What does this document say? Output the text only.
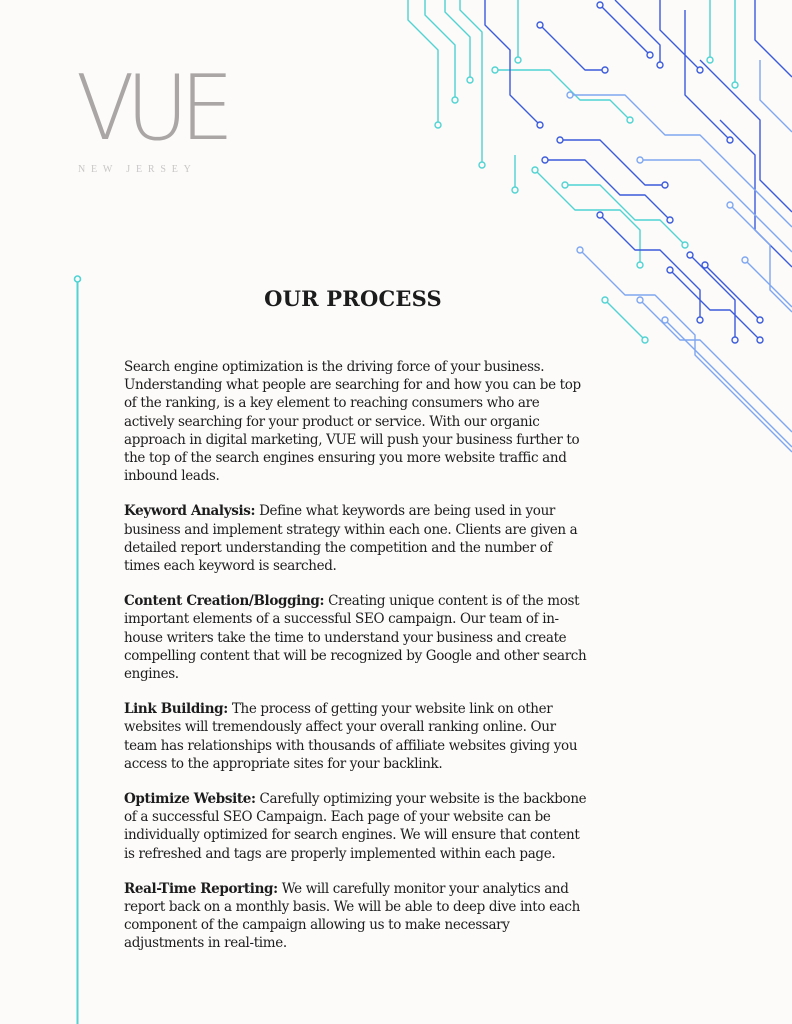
VUE
NEW JERSEY
OUR PROCESS

Search engine optimization is the driving force of your business. Understanding what people are searching for and how you can be top of the ranking, is a key element to reaching consumers who are actively searching for your product or service. With our organic approach in digital marketing, VUE will push your business further to the top of the search engines ensuring you more website traffic and inbound leads.

Keyword Analysis: Define what keywords are being used in your business and implement strategy within each one. Clients are given a detailed report understanding the competition and the number of times each keyword is searched.

Content Creation/Blogging: Creating unique content is of the most important elements of a successful SEO campaign. Our team of in-house writers take the time to understand your business and create compelling content that will be recognized by Google and other search engines.

Link Building: The process of getting your website link on other websites will tremendously affect your overall ranking online. Our team has relationships with thousands of affiliate websites giving you access to the appropriate sites for your backlink.

Optimize Website: Carefully optimizing your website is the backbone of a successful SEO Campaign. Each page of your website can be individually optimized for search engines. We will ensure that content is refreshed and tags are properly implemented within each page.

Real-Time Reporting: We will carefully monitor your analytics and report back on a monthly basis. We will be able to deep dive into each component of the campaign allowing us to make necessary adjustments in real-time.
